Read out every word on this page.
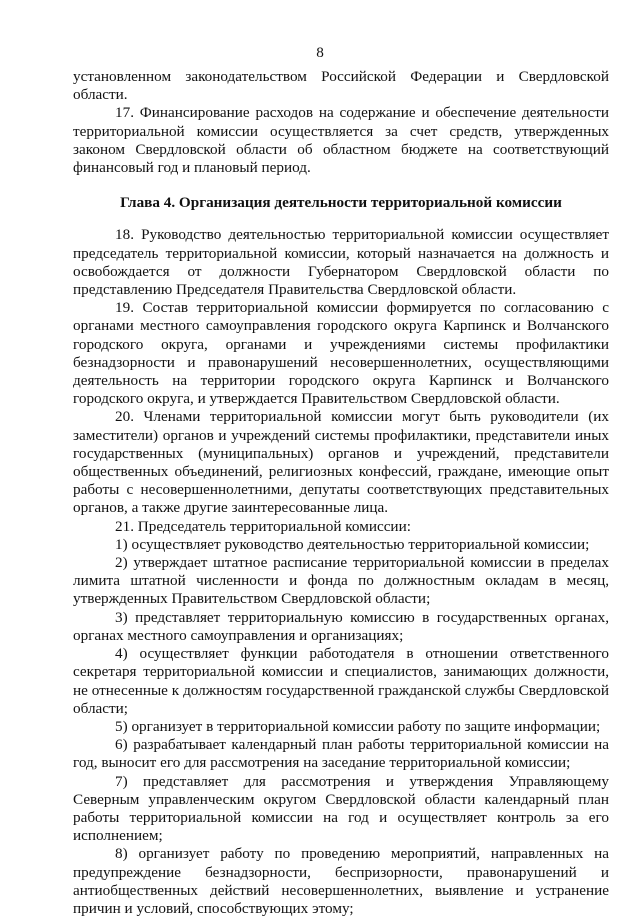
8

установленном законодательством Российской Федерации и Свердловской области.

17. Финансирование расходов на содержание и обеспечение деятельности территориальной комиссии осуществляется за счет средств, утвержденных законом Свердловской области об областном бюджете на соответствующий финансовый год и плановый период.

Глава 4. Организация деятельности территориальной комиссии

18. Руководство деятельностью территориальной комиссии осуществляет председатель территориальной комиссии, который назначается на должность и освобождается от должности Губернатором Свердловской области по представлению Председателя Правительства Свердловской области.

19. Состав территориальной комиссии формируется по согласованию с органами местного самоуправления городского округа Карпинск и Волчанского городского округа, органами и учреждениями системы профилактики безнадзорности и правонарушений несовершеннолетних, осуществляющими деятельность на территории городского округа Карпинск и Волчанского городского округа, и утверждается Правительством Свердловской области.

20. Членами территориальной комиссии могут быть руководители (их заместители) органов и учреждений системы профилактики, представители иных государственных (муниципальных) органов и учреждений, представители общественных объединений, религиозных конфессий, граждане, имеющие опыт работы с несовершеннолетними, депутаты соответствующих представительных органов, а также другие заинтересованные лица.

21. Председатель территориальной комиссии:

1) осуществляет руководство деятельностью территориальной комиссии;

2) утверждает штатное расписание территориальной комиссии в пределах лимита штатной численности и фонда по должностным окладам в месяц, утвержденных Правительством Свердловской области;

3) представляет территориальную комиссию в государственных органах, органах местного самоуправления и организациях;

4) осуществляет функции работодателя в отношении ответственного секретаря территориальной комиссии и специалистов, занимающих должности, не отнесенные к должностям государственной гражданской службы Свердловской области;

5) организует в территориальной комиссии работу по защите информации;

6) разрабатывает календарный план работы территориальной комиссии на год, выносит его для рассмотрения на заседание территориальной комиссии;

7) представляет для рассмотрения и утверждения Управляющему Северным управленческим округом Свердловской области календарный план работы территориальной комиссии на год и осуществляет контроль за его исполнением;

8) организует работу по проведению мероприятий, направленных на предупреждение безнадзорности, беспризорности, правонарушений и антиобщественных действий несовершеннолетних, выявление и устранение причин и условий, способствующих этому;
